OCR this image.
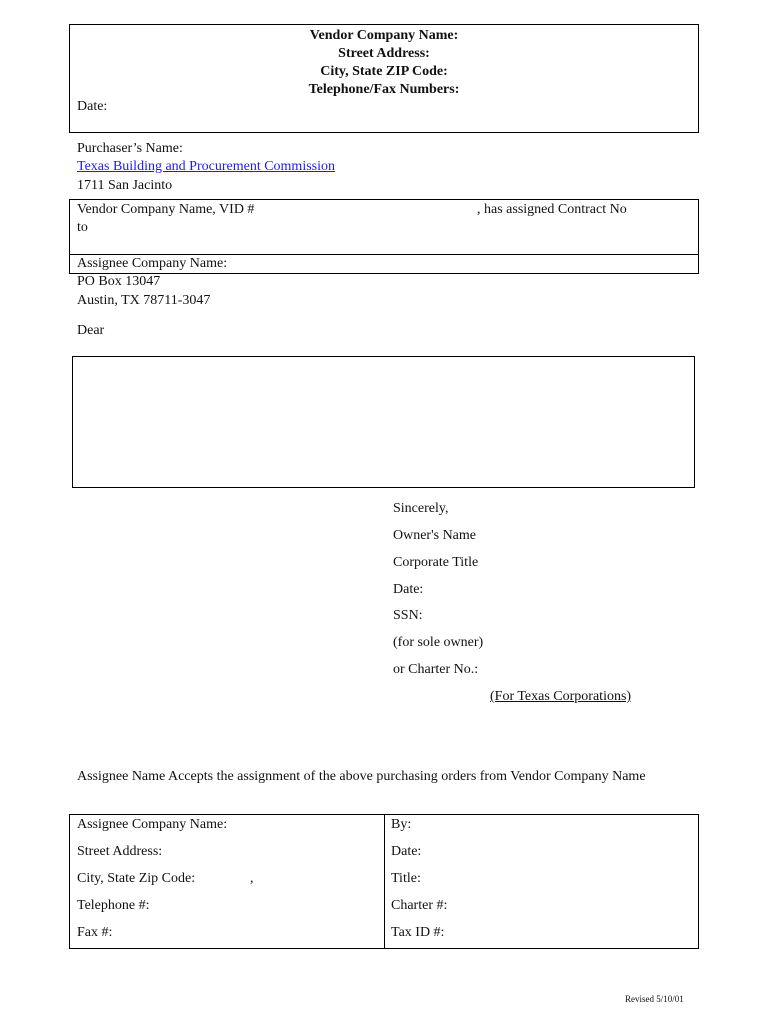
Vendor Company Name:
Street Address:
City, State ZIP Code:
Telephone/Fax Numbers:
Date:
Purchaser’s Name:
Texas Building and Procurement Commission
1711 San Jacinto
Vendor Company Name, VID #	, has assigned Contract No
to
Assignee Company Name:
PO Box 13047
Austin, TX 78711-3047
Dear
Sincerely,
Owner's Name
Corporate Title
Date:
SSN:
(for sole owner)
or Charter No.:
(For Texas Corporations)
Assignee Name Accepts the assignment of the above purchasing orders from Vendor Company Name
Assignee Company Name:
Street Address:
City, State Zip Code:	,
Telephone #:
Fax #:
By:
Date:
Title:
Charter #:
Tax ID #:
Revised 5/10/01
